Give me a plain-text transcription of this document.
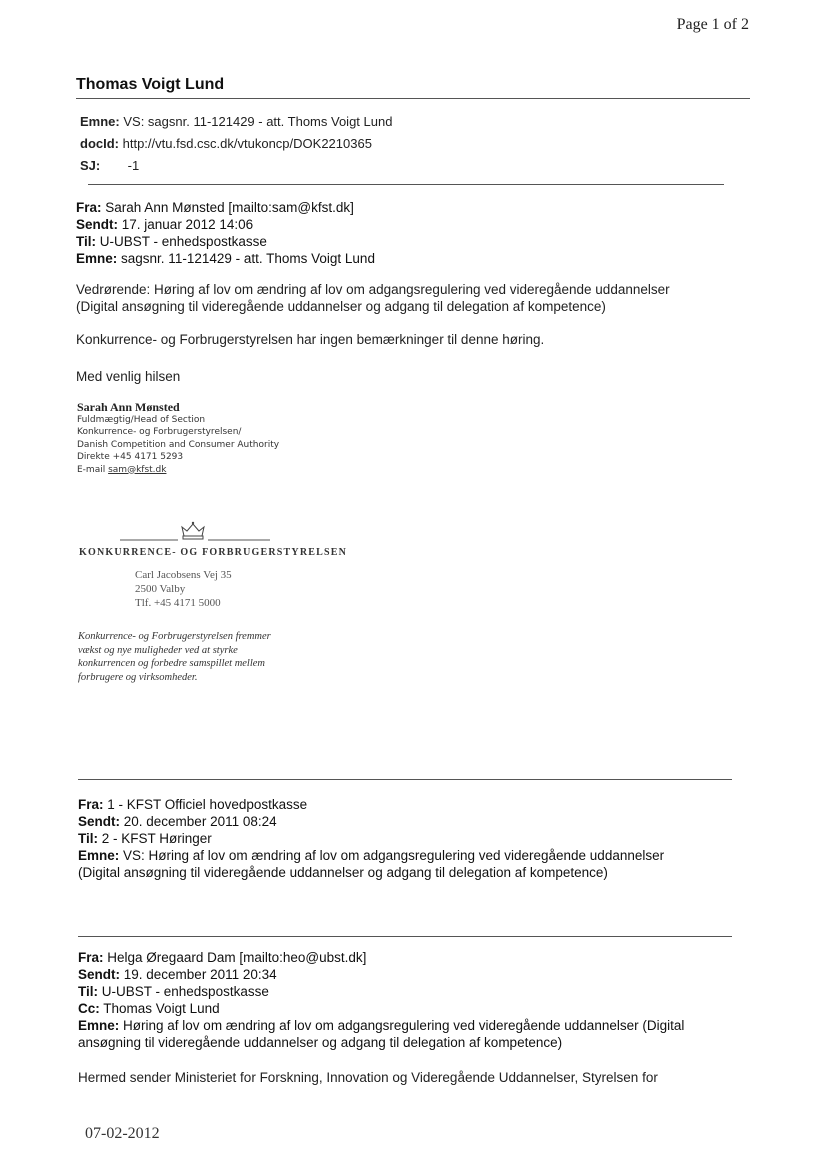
Page 1 of 2
Thomas Voigt Lund
Emne: VS: sagsnr. 11-121429 - att. Thoms Voigt Lund
docId: http://vtu.fsd.csc.dk/vtukoncp/DOK2210365
SJ: -1
Fra: Sarah Ann Mønsted [mailto:sam@kfst.dk]
Sendt: 17. januar 2012 14:06
Til: U-UBST - enhedspostkasse
Emne: sagsnr. 11-121429 - att. Thoms Voigt Lund
Vedrørende: Høring af lov om ændring af lov om adgangsregulering ved videregående uddannelser
(Digital ansøgning til videregående uddannelser og adgang til delegation af kompetence)
Konkurrence- og Forbrugerstyrelsen har ingen bemærkninger til denne høring.
Med venlig hilsen
Sarah Ann Mønsted
Fuldmægtig/Head of Section
Konkurrence- og Forbrugerstyrelsen/
Danish Competition and Consumer Authority
Direkte +45 4171 5293
E-mail sam@kfst.dk
KONKURRENCE- OG FORBRUGERSTYRELSEN
Carl Jacobsens Vej 35
2500 Valby
Tlf. +45 4171 5000
Konkurrence- og Forbrugerstyrelsen fremmer
vækst og nye muligheder ved at styrke
konkurrencen og forbedre samspillet mellem
forbrugere og virksomheder.
Fra: 1 - KFST Officiel hovedpostkasse
Sendt: 20. december 2011 08:24
Til: 2 - KFST Høringer
Emne: VS: Høring af lov om ændring af lov om adgangsregulering ved videregående uddannelser
(Digital ansøgning til videregående uddannelser og adgang til delegation af kompetence)
Fra: Helga Øregaard Dam [mailto:heo@ubst.dk]
Sendt: 19. december 2011 20:34
Til: U-UBST - enhedspostkasse
Cc: Thomas Voigt Lund
Emne: Høring af lov om ændring af lov om adgangsregulering ved videregående uddannelser (Digital
ansøgning til videregående uddannelser og adgang til delegation af kompetence)
Hermed sender Ministeriet for Forskning, Innovation og Videregående Uddannelser, Styrelsen for
07-02-2012
